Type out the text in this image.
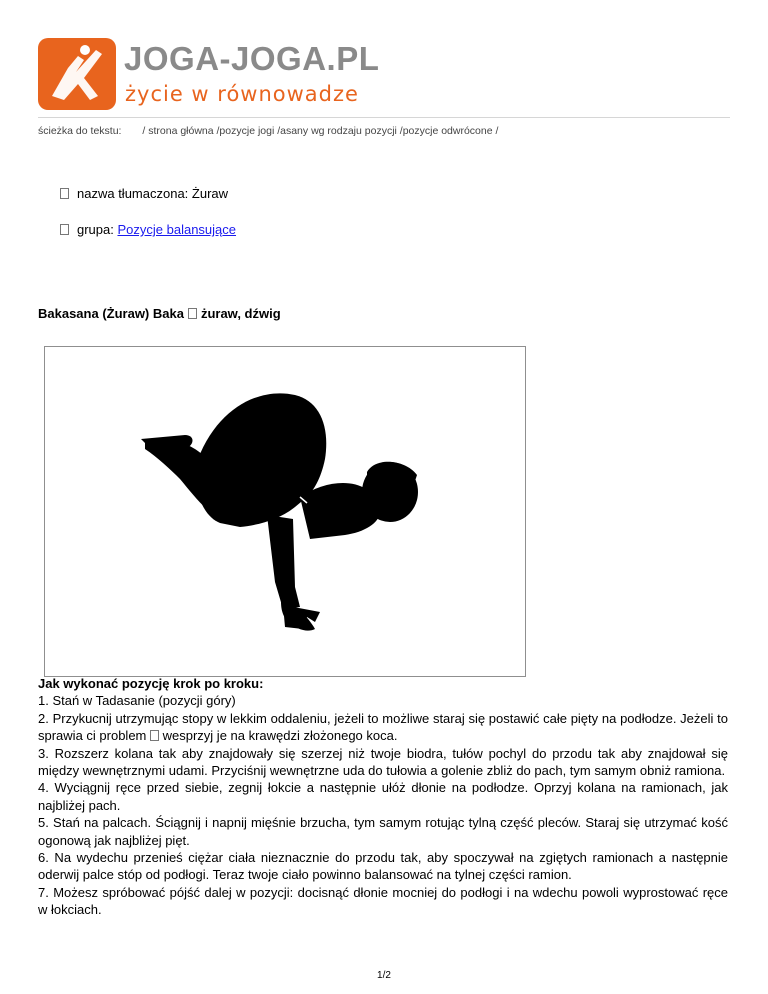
JOGA-JOGA.PL
życie w równowadze
ścieżka do tekstu: / strona główna /pozycje jogi /asany wg rodzaju pozycji /pozycje odwrócone /
nazwa tłumaczona: Żuraw
grupa: Pozycje balansujące
Bakasana (Żuraw) Baka żuraw, dźwig

Jak wykonać pozycję krok po kroku:

1. Stań w Tadasanie (pozycji góry)

2. Przykucnij utrzymując stopy w lekkim oddaleniu, jeżeli to możliwe staraj się postawić całe pięty na podłodze. Jeżeli to sprawia ci problem wesprzyj je na krawędzi złożonego koca.

3. Rozszerz kolana tak aby znajdowały się szerzej niż twoje biodra, tułów pochyl do przodu tak aby znajdował się między wewnętrznymi udami. Przyciśnij wewnętrzne uda do tułowia a golenie zbliż do pach, tym samym obniż ramiona.

4. Wyciągnij ręce przed siebie, zegnij łokcie a następnie ułóż dłonie na podłodze. Oprzyj kolana na ramionach, jak najbliżej pach.

5. Stań na palcach. Ściągnij i napnij mięśnie brzucha, tym samym rotując tylną część pleców. Staraj się utrzymać kość ogonową jak najbliżej pięt.

6. Na wydechu przenieś ciężar ciała nieznacznie do przodu tak, aby spoczywał na zgiętych ramionach a następnie oderwij palce stóp od podłogi. Teraz twoje ciało powinno balansować na tylnej części ramion.

7. Możesz spróbować pójść dalej w pozycji: docisnąć dłonie mocniej do podłogi i na wdechu powoli wyprostować ręce w łokciach.

1/2
